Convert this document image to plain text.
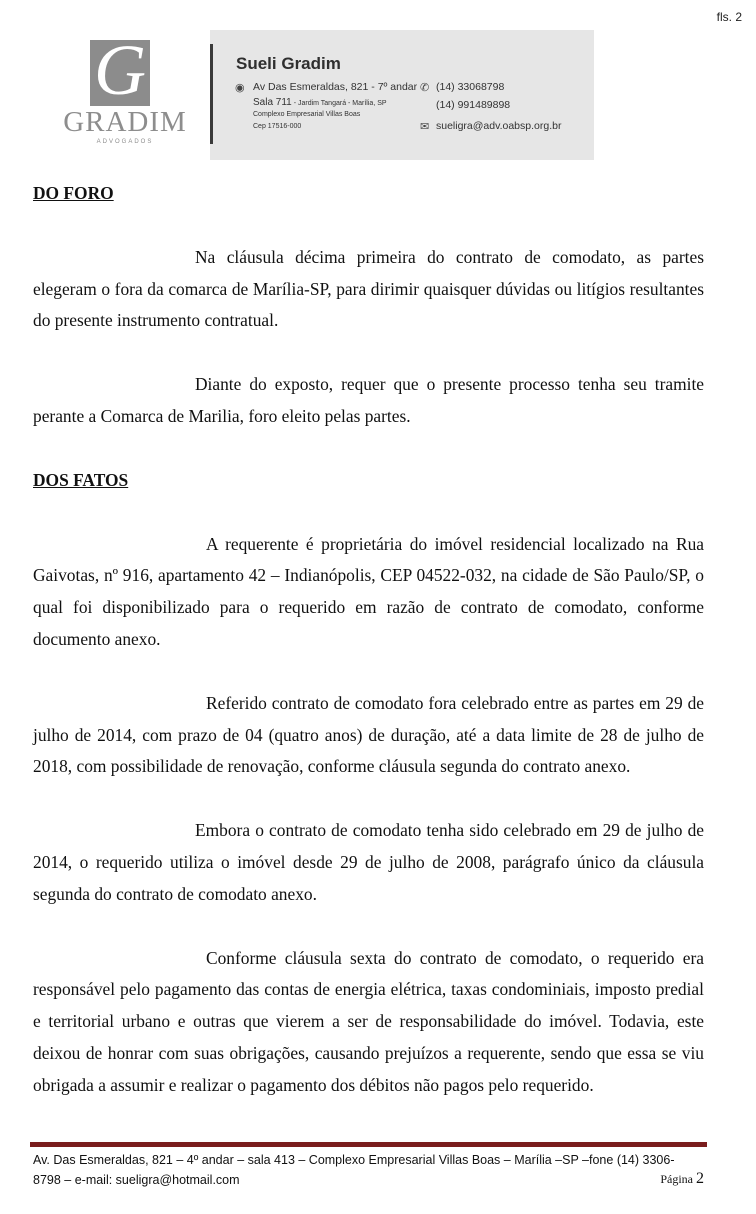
fls. 2
G
GRADIM
ADVOGADOS
Sueli Gradim
◉ Av Das Esmeraldas, 821 - 7º andar
Sala 711 - Jardim Tangará - Marília, SP
Complexo Empresarial Villas Boas
Cep 17516-000
✆ (14) 33068798
(14) 991489898
✉ sueligra@adv.oabsp.org.br
DO FORO

Na cláusula décima primeira do contrato de comodato, as partes elegeram o fora da comarca de Marília-SP, para dirimir quaisquer dúvidas ou litígios resultantes do presente instrumento contratual.

Diante do exposto, requer que o presente processo tenha seu tramite perante a Comarca de Marilia, foro eleito pelas partes.

DOS FATOS

A requerente é proprietária do imóvel residencial localizado na Rua Gaivotas, nº 916, apartamento 42 – Indianópolis, CEP 04522-032, na cidade de São Paulo/SP, o qual foi disponibilizado para o requerido em razão de contrato de comodato, conforme documento anexo.

Referido contrato de comodato fora celebrado entre as partes em 29 de julho de 2014, com prazo de 04 (quatro anos) de duração, até a data limite de 28 de julho de 2018, com possibilidade de renovação, conforme cláusula segunda do contrato anexo.

Embora o contrato de comodato tenha sido celebrado em 29 de julho de 2014, o requerido utiliza o imóvel desde 29 de julho de 2008, parágrafo único da cláusula segunda do contrato de comodato anexo.

Conforme cláusula sexta do contrato de comodato, o requerido era responsável pelo pagamento das contas de energia elétrica, taxas condominiais, imposto predial e territorial urbano e outras que vierem a ser de responsabilidade do imóvel. Todavia, este deixou de honrar com suas obrigações, causando prejuízos a requerente, sendo que essa se viu obrigada a assumir e realizar o pagamento dos débitos não pagos pelo requerido.

Av. Das Esmeraldas, 821 – 4º andar – sala 413 – Complexo Empresarial Villas Boas – Marília –SP –fone (14) 3306-
8798 – e-mail: sueligra@hotmail.com	Página 2
